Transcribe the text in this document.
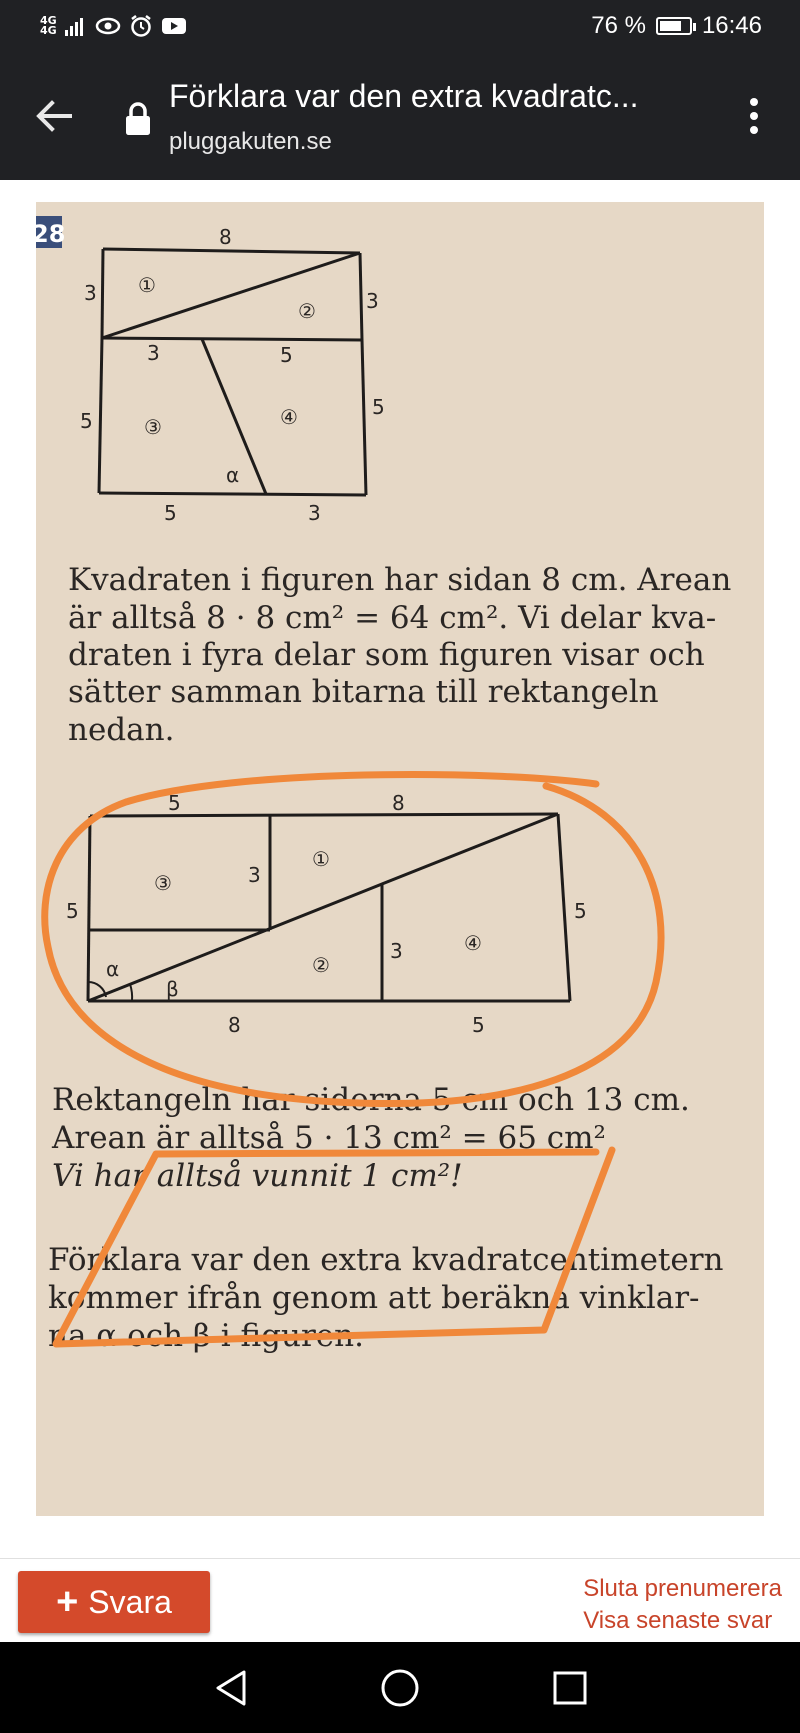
4G
4G	76 % 16:46
Förklara var den extra kvadratc...
pluggakuten.se
28	8
3	3
3	5
5
5
5	3
①
②
③	④
α
Kvadraten i figuren har sidan 8 cm. Arean
är alltså 8 · 8 cm² = 64 cm². Vi delar kva-
draten i fyra delar som figuren visar och
sätter samman bitarna till rektangeln
nedan.
5	8
5	5
3
3
8	5
①
②
③
④
α
β
Rektangeln har sidorna 5 cm och 13 cm.
Arean är alltså 5 · 13 cm² = 65 cm²
Vi har alltså vunnit 1 cm²!
Förklara var den extra kvadratcentimetern
kommer ifrån genom att beräkna vinklar-
na α och β i figuren.
+ Svara	Sluta prenumerera
Visa senaste svar
